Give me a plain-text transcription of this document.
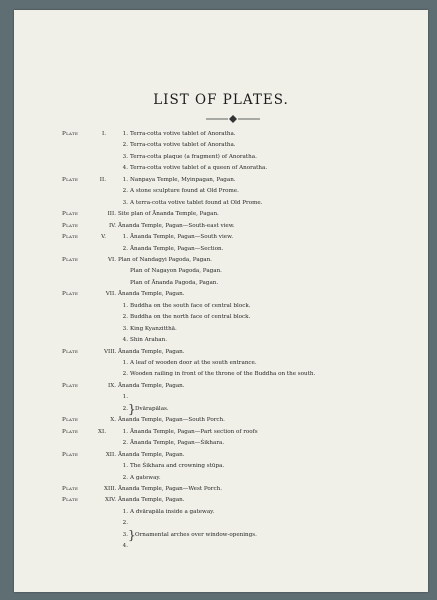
LIST OF PLATES.
Plate	I.	1. Terra-cotta votive tablet of Anoratha.
2. Terra-cotta votive tablet of Anoratha.
3. Terra-cotta plaque (a fragment) of Anoratha.
4. Terra-cotta votive tablet of a queen of Anoratha.
Plate	II.	1. Nanpaya Temple, Myinpagan, Pagan.
2. A stone sculpture found at Old Prome.
3. A terra-cotta votive tablet found at Old Prome.
Plate	III. Site plan of Ānanda Temple, Pagan.
Plate	IV. Ānanda Temple, Pagan—South-east view.
Plate	V.	1. Ānanda Temple, Pagan—South view.
2. Ānanda Temple, Pagan—Section.
Plate	VI. Plan of Nandagyi Pagoda, Pagan.
Plan of Nagayon Pagoda, Pagan.
Plan of Ānanda Pagoda, Pagan.
Plate	VII. Ānanda Temple, Pagan.
1. Buddha on the south face of central block.
2. Buddha on the north face of central block.
3. King Kyanzitthā.
4. Shin Arahan.
Plate	VIII. Ānanda Temple, Pagan.
1. A leaf of wooden door at the south entrance.
2. Wooden railing in front of the throne of the Buddha on the south.
Plate	IX. Ānanda Temple, Pagan.
1.
2. } Dvārapālas.
Plate	X. Ānanda Temple, Pagan—South Porch.
Plate	XI.	1. Ānanda Temple, Pagan—Part section of roofs
2. Ānanda Temple, Pagan—Śikhara.
Plate	XII. Ānanda Temple, Pagan.
1. The Śikhara and crowning stūpa.
2. A gateway.
Plate	XIII. Ānanda Temple, Pagan—West Porch.
Plate	XIV. Ānanda Temple, Pagan.
1. A dvārapāla inside a gateway.
2.
3. } Ornamental arches over window-openings.
4.
